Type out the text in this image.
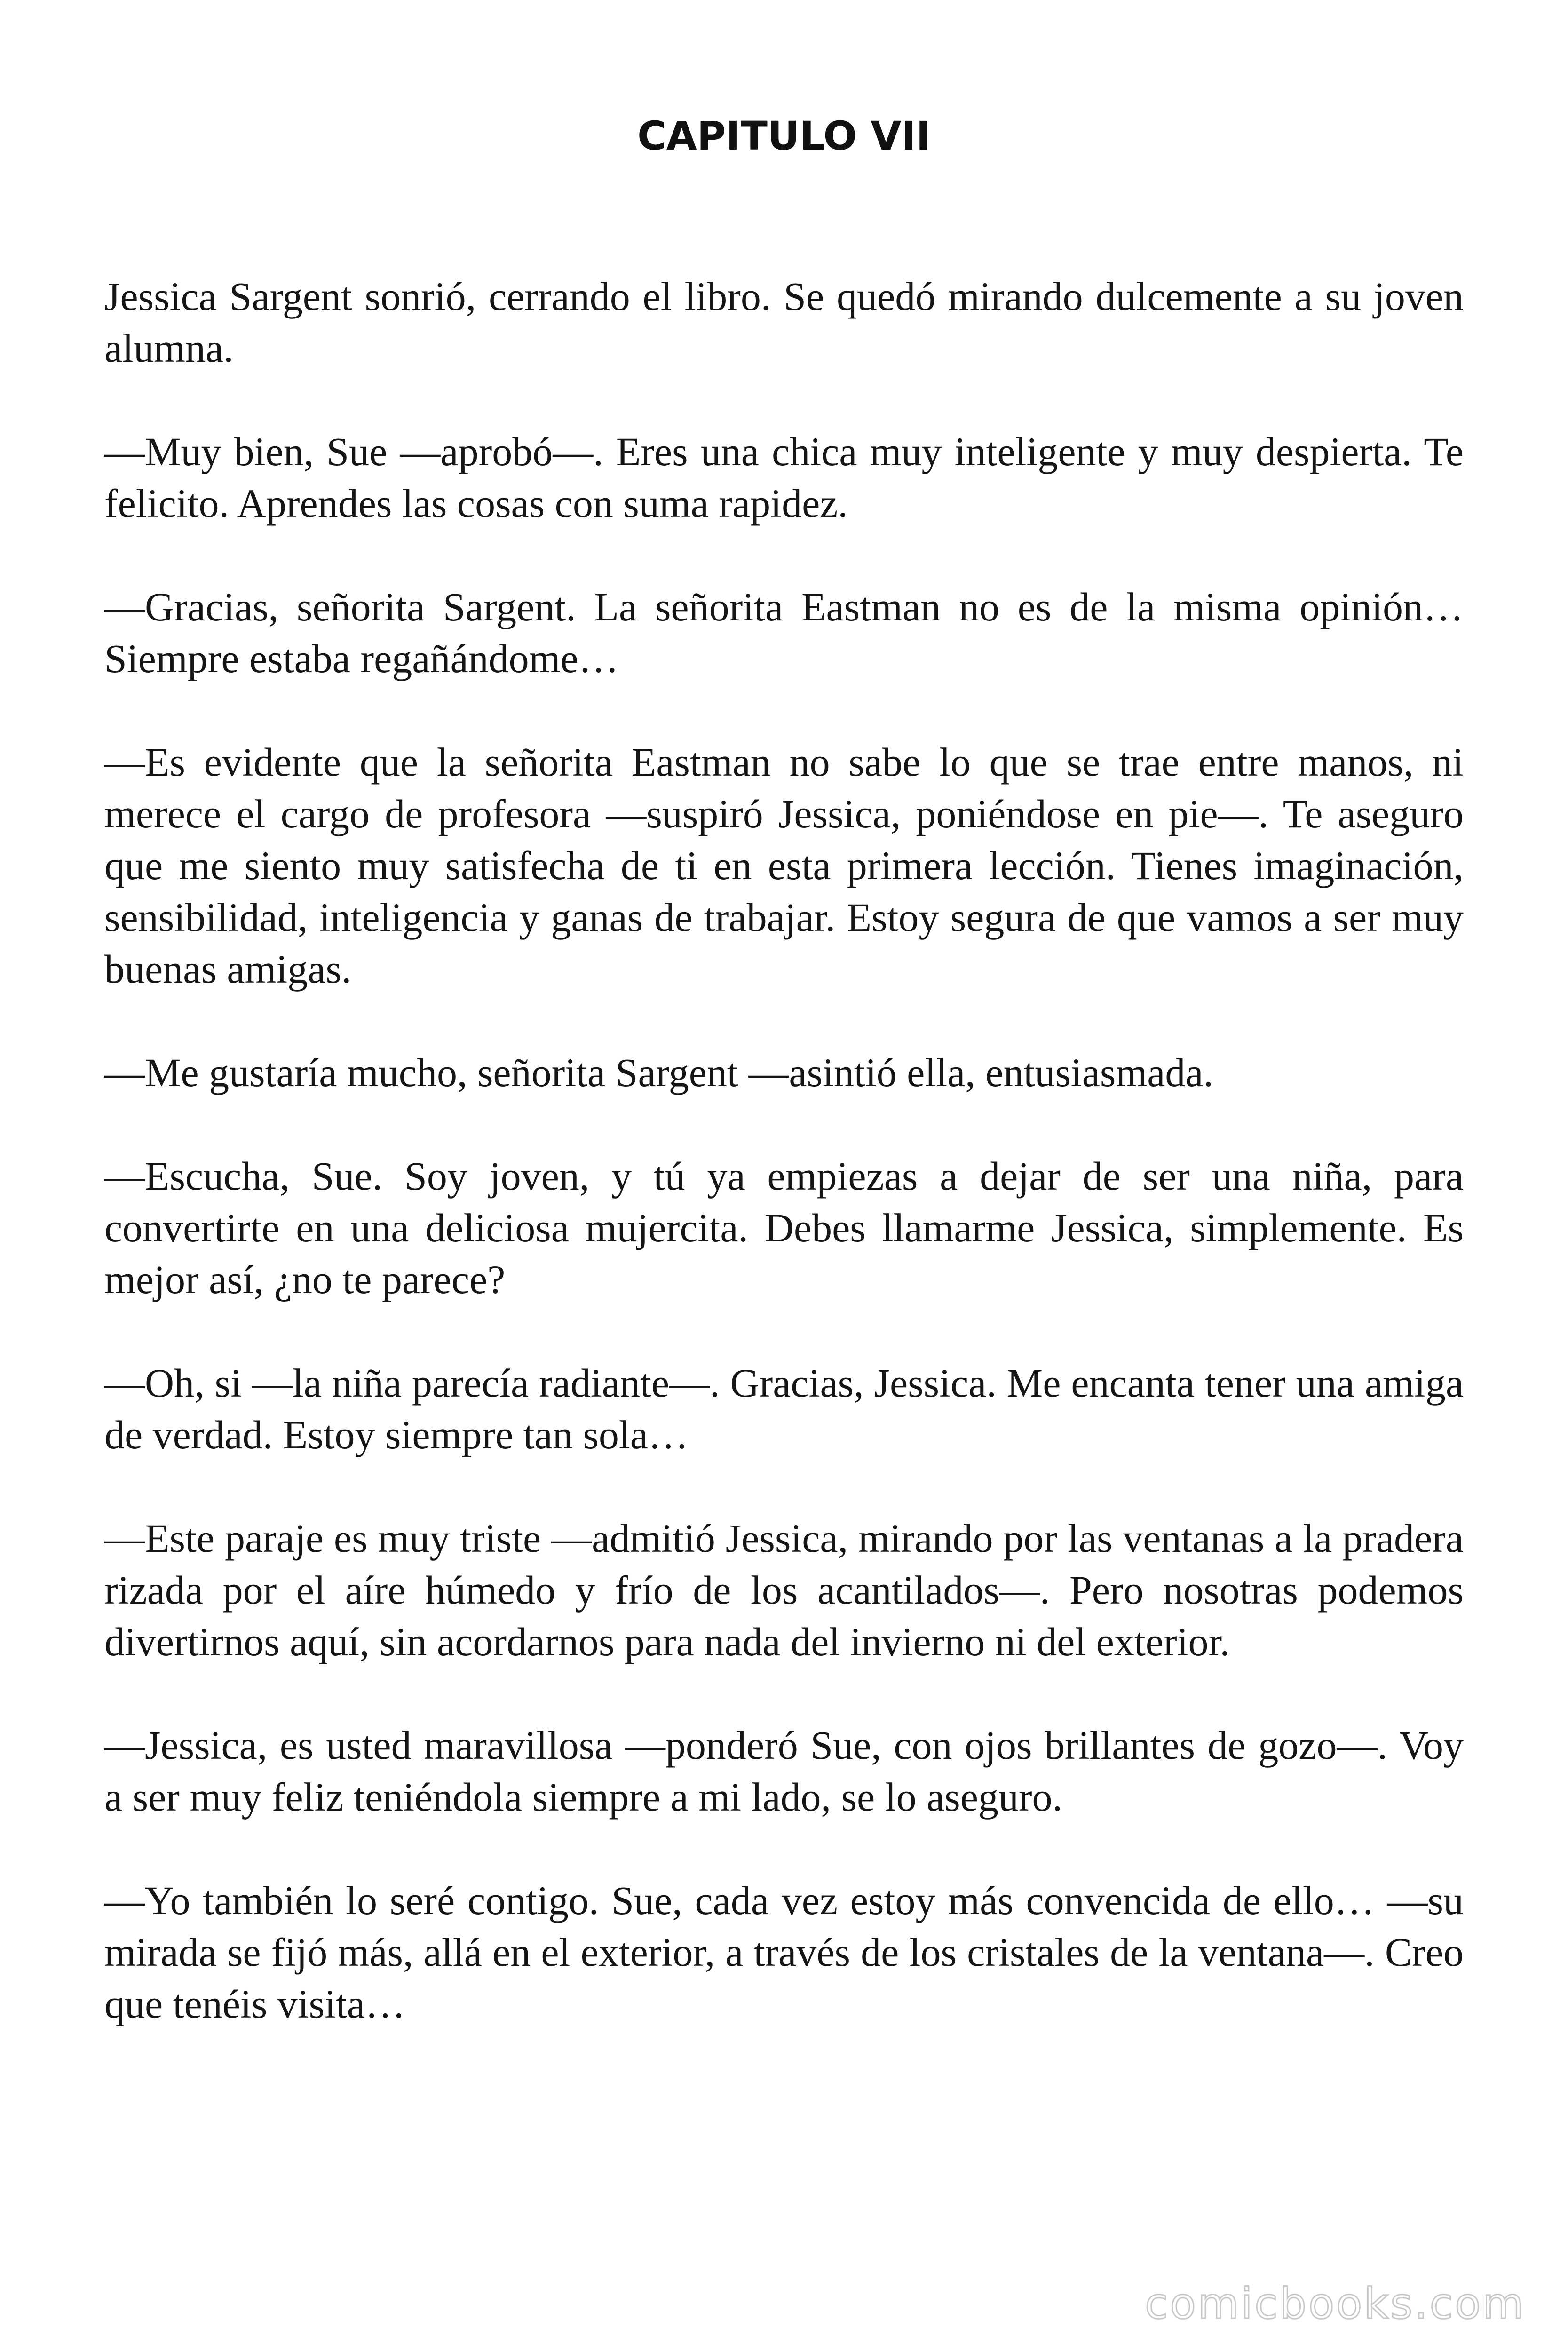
CAPITULO VII

Jessica Sargent sonrió, cerrando el libro. Se quedó mirando dulcemente a su joven alumna.

—Muy bien, Sue —aprobó—. Eres una chica muy inteligente y muy despierta. Te felicito. Aprendes las cosas con suma rapidez.

—Gracias, señorita Sargent. La señorita Eastman no es de la misma opinión… Siempre estaba regañándome…

—Es evidente que la señorita Eastman no sabe lo que se trae entre manos, ni merece el cargo de profesora —suspiró Jessica, poniéndose en pie—. Te aseguro que me siento muy satisfecha de ti en esta primera lección. Tienes imaginación, sensibilidad, inteligencia y ganas de trabajar. Estoy segura de que vamos a ser muy buenas amigas.

—Me gustaría mucho, señorita Sargent —asintió ella, entusiasmada.

—Escucha, Sue. Soy joven, y tú ya empiezas a dejar de ser una niña, para convertirte en una deliciosa mujercita. Debes llamarme Jessica, simplemente. Es mejor así, ¿no te parece?

—Oh, si —la niña parecía radiante—. Gracias, Jessica. Me encanta tener una amiga de verdad. Estoy siempre tan sola…

—Este paraje es muy triste —admitió Jessica, mirando por las ventanas a la pradera rizada por el aíre húmedo y frío de los acantilados—. Pero nosotras podemos divertirnos aquí, sin acordarnos para nada del invierno ni del exterior.

—Jessica, es usted maravillosa —ponderó Sue, con ojos brillantes de gozo—. Voy a ser muy feliz teniéndola siempre a mi lado, se lo aseguro.

—Yo también lo seré contigo. Sue, cada vez estoy más convencida de ello… —su mirada se fijó más, allá en el exterior, a través de los cristales de la ventana—. Creo que tenéis visita…

comicbooks.com
